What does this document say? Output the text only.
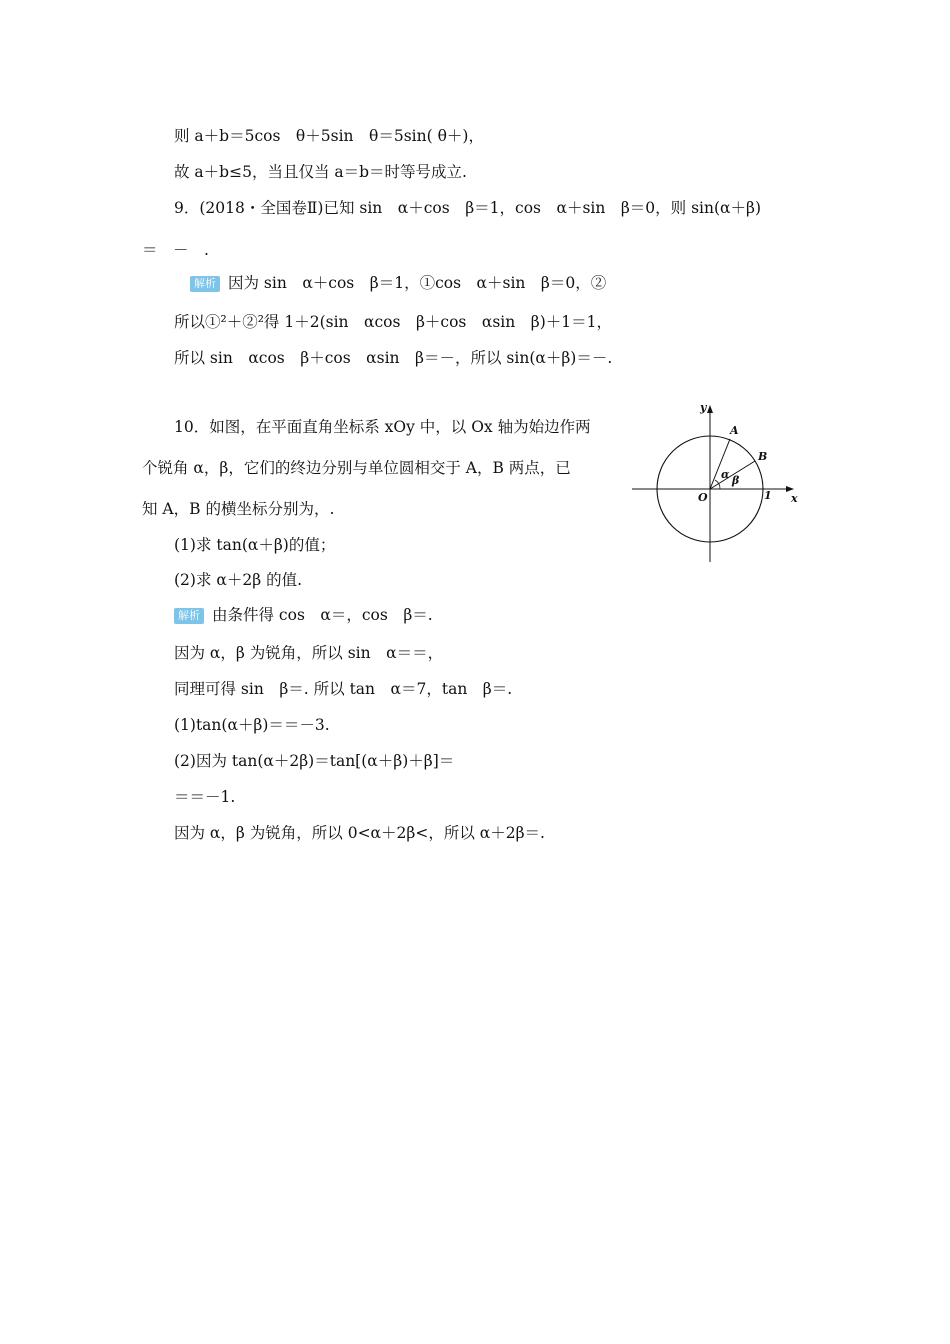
则 a＋b＝5cos　θ＋5sin　θ＝5sin( θ＋)，
故 a＋b≤5，当且仅当 a＝b＝时等号成立.
9．(2018・全国卷Ⅱ)已知 sin　α＋cos　β＝1，cos　α＋sin　β＝0，则 sin(α＋β)
＝　－　.
解析 因为 sin　α＋cos　β＝1，①cos　α＋sin　β＝0，②
所以①²＋②²得 1＋2(sin　αcos　β＋cos　αsin　β)＋1＝1，
所以 sin　αcos　β＋cos　αsin　β＝－，所以 sin(α＋β)＝－.
10．如图，在平面直角坐标系 xOy 中，以 Ox 轴为始边作两
个锐角 α，β，它们的终边分别与单位圆相交于 A，B 两点，已
知 A，B 的横坐标分别为，.
(1)求 tan(α＋β)的值；
(2)求 α＋2β 的值.
解析 由条件得 cos　α＝，cos　β＝.
因为 α，β 为锐角，所以 sin　α＝＝，
同理可得 sin　β＝. 所以 tan　α＝7，tan　β＝.
(1)tan(α＋β)＝＝－3.
(2)因为 tan(α＋2β)＝tan[(α＋β)＋β]＝
＝＝－1.
因为 α，β 为锐角，所以 0<α＋2β<，所以 α＋2β＝.
y
x
O	1
A
B
α β
